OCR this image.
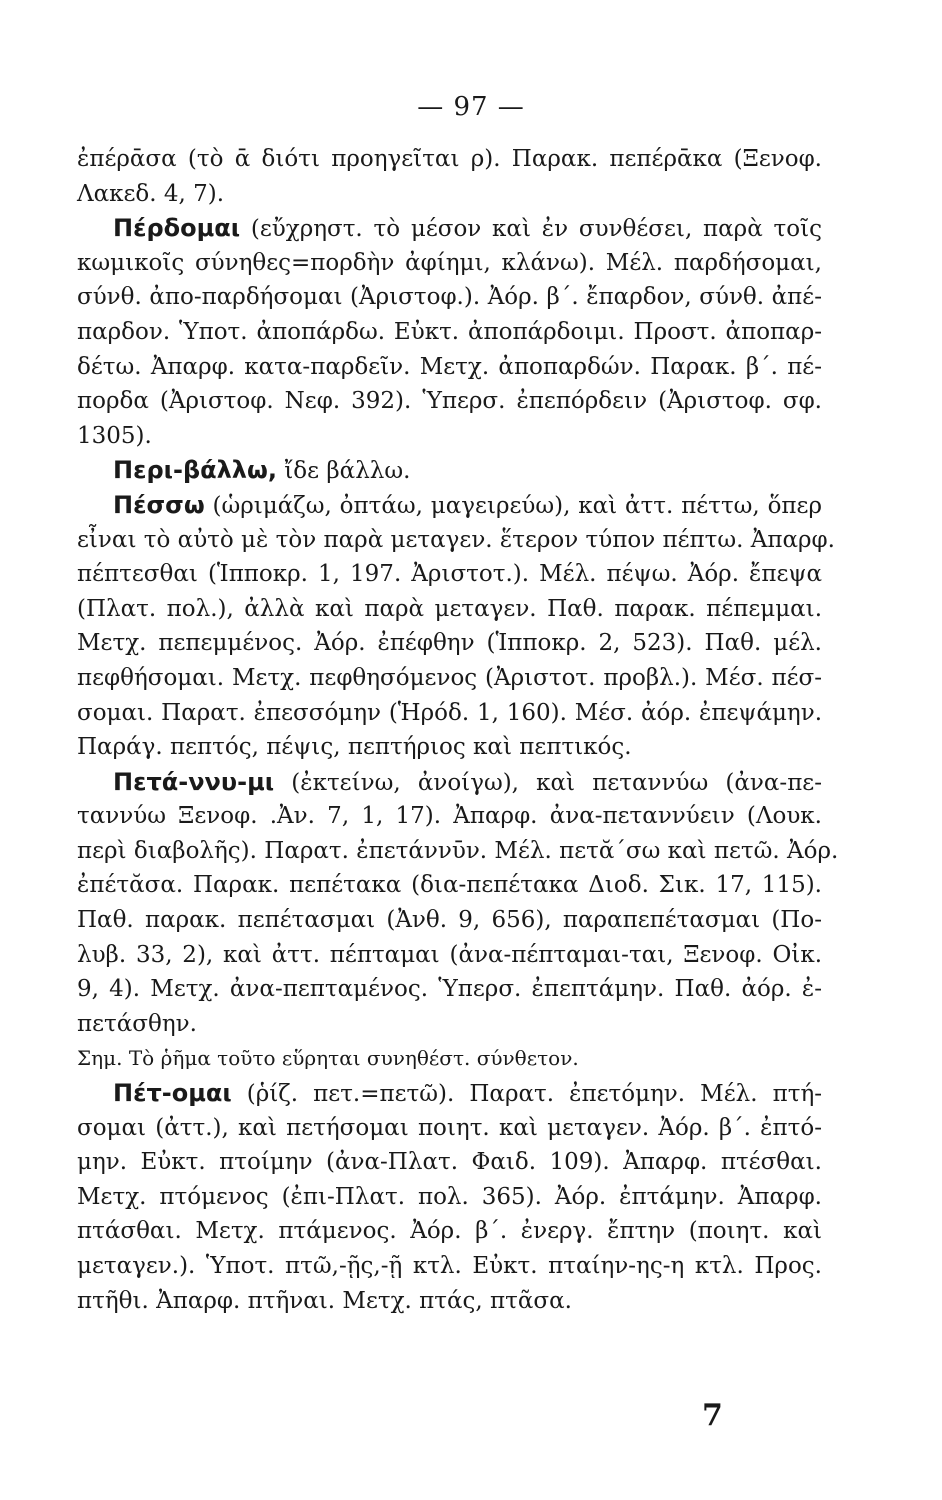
— 97 —
ἐπέρᾱσα (τὸ ᾱ διότι προηγεῖται ρ). Παρακ. πεπέρᾱκα (Ξενοφ.
Λακεδ. 4, 7).
Πέρδομαι (εὔχρηστ. τὸ μέσον καὶ ἐν συνθέσει, παρὰ τοῖς
κωμικοῖς σύνηθες=πορδὴν ἀφίημι, κλάνω). Μέλ. παρδήσομαι,
σύνθ. ἀπο-παρδήσομαι (Ἀριστοφ.). Ἀόρ. β΄. ἔπαρδον, σύνθ. ἀπέ-
παρδον. Ὑποτ. ἀποπάρδω. Εὐκτ. ἀποπάρδοιμι. Προστ. ἀποπαρ-
δέτω. Ἀπαρφ. κατα-παρδεῖν. Μετχ. ἀποπαρδών. Παρακ. β΄. πέ-
πορδα (Ἀριστοφ. Νεφ. 392). Ὑπερσ. ἐπεπόρδειν (Ἀριστοφ. σφ.
1305).
Περι-βάλλω, ἴδε βάλλω.
Πέσσω (ὡριμάζω, ὀπτάω, μαγειρεύω), καὶ ἀττ. πέττω, ὅπερ
εἶναι τὸ αὐτὸ μὲ τὸν παρὰ μεταγεν. ἕτερον τύπον πέπτω. Ἀπαρφ.
πέπτεσθαι (Ἱπποκρ. 1, 197. Ἀριστοτ.). Μέλ. πέψω. Ἀόρ. ἔπεψα
(Πλατ. πολ.), ἀλλὰ καὶ παρὰ μεταγεν. Παθ. παρακ. πέπεμμαι.
Μετχ. πεπεμμένος. Ἀόρ. ἐπέφθην (Ἱπποκρ. 2, 523). Παθ. μέλ.
πεφθήσομαι. Μετχ. πεφθησόμενος (Ἀριστοτ. προβλ.). Μέσ. πέσ-
σομαι. Παρατ. ἐπεσσόμην (Ἡρόδ. 1, 160). Μέσ. ἀόρ. ἐπεψάμην.
Παράγ. πεπτός, πέψις, πεπτήριος καὶ πεπτικός.
Πετά-ννυ-μι (ἐκτείνω, ἀνοίγω), καὶ πεταννύω (ἀνα-πε-
ταννύω Ξενοφ. .Ἀν. 7, 1, 17). Ἀπαρφ. ἀνα-πεταννύειν (Λουκ.
περὶ διαβολῆς). Παρατ. ἐπετάννῡν. Μέλ. πετᾰ΄σω καὶ πετῶ. Ἀόρ.
ἐπέτᾰσα. Παρακ. πεπέτακα (δια-πεπέτακα Διοδ. Σικ. 17, 115).
Παθ. παρακ. πεπέτασμαι (Ἀνθ. 9, 656), παραπεπέτασμαι (Πο-
λυβ. 33, 2), καὶ ἀττ. πέπταμαι (ἀνα-πέπταμαι-ται, Ξενοφ. Οἰκ.
9, 4). Μετχ. ἀνα-πεπταμένος. Ὑπερσ. ἐπεπτάμην. Παθ. ἀόρ. ἐ-
πετάσθην.
Σημ. Τὸ ῥῆμα τοῦτο εὕρηται συνηθέστ. σύνθετον.
Πέτ-ομαι (ῥίζ. πετ.=πετῶ). Παρατ. ἐπετόμην. Μέλ. πτή-
σομαι (ἀττ.), καὶ πετήσομαι ποιητ. καὶ μεταγεν. Ἀόρ. β΄. ἐπτό-
μην. Εὐκτ. πτοίμην (ἀνα-Πλατ. Φαιδ. 109). Ἀπαρφ. πτέσθαι.
Μετχ. πτόμενος (ἐπι-Πλατ. πολ. 365). Ἀόρ. ἐπτάμην. Ἀπαρφ.
πτάσθαι. Μετχ. πτάμενος. Ἀόρ. β΄. ἐνεργ. ἔπτην (ποιητ. καὶ
μεταγεν.). Ὑποτ. πτῶ,-ῇς,-ῇ κτλ. Εὐκτ. πταίην-ης-η κτλ. Προς.
πτῆθι. Ἀπαρφ. πτῆναι. Μετχ. πτάς, πτᾶσα.
7
